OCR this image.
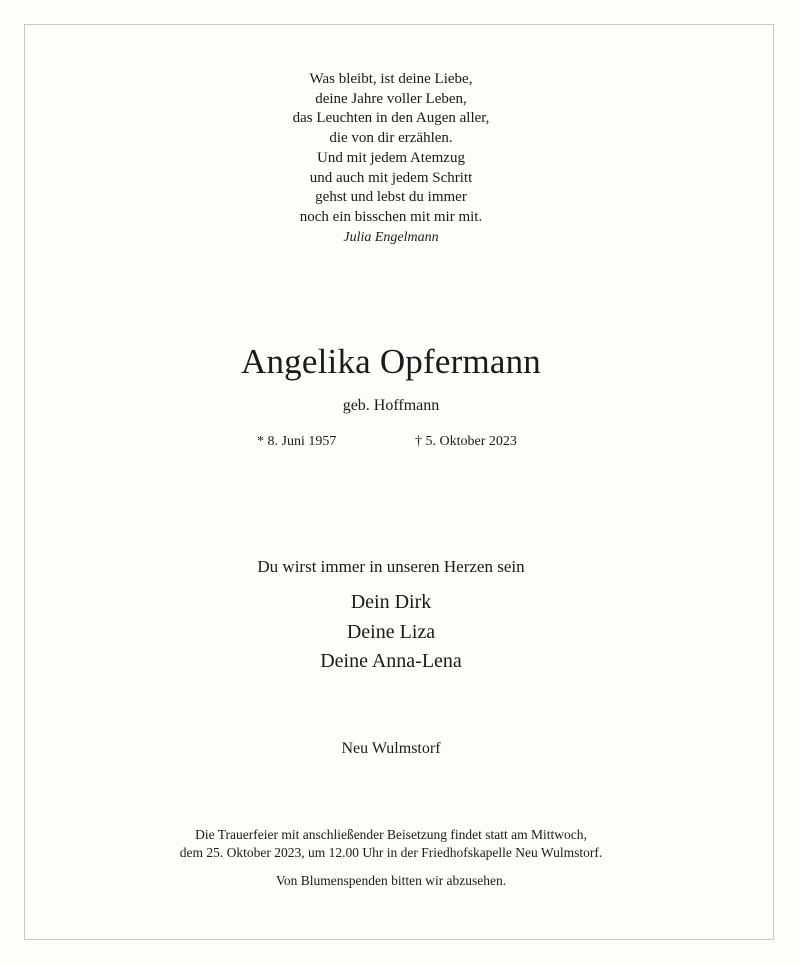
Was bleibt, ist deine Liebe,
deine Jahre voller Leben,
das Leuchten in den Augen aller,
die von dir erzählen.
Und mit jedem Atemzug
und auch mit jedem Schritt
gehst und lebst du immer
noch ein bisschen mit mir mit.
Julia Engelmann
Angelika Opfermann
geb. Hoffmann
* 8. Juni 1957	† 5. Oktober 2023
Du wirst immer in unseren Herzen sein
Dein Dirk
Deine Liza
Deine Anna-Lena
Neu Wulmstorf
Die Trauerfeier mit anschließender Beisetzung findet statt am Mittwoch,
dem 25. Oktober 2023, um 12.00 Uhr in der Friedhofskapelle Neu Wulmstorf.
Von Blumenspenden bitten wir abzusehen.
